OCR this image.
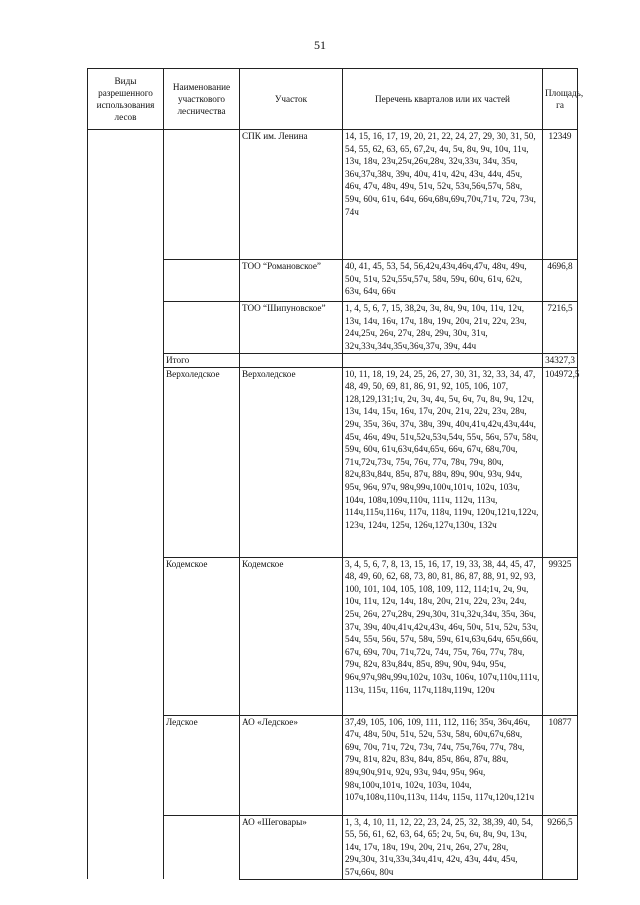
51
Виды разрешенного использования лесов	Наименование участкового лесничества	Участок	Перечень кварталов или их частей	Площадь, га
		СПК им. Ленина	14, 15, 16, 17, 19, 20, 21, 22, 24, 27, 29, 30, 31, 50, 54, 55, 62, 63, 65, 67,2ч, 4ч, 5ч, 8ч, 9ч, 10ч, 11ч, 13ч, 18ч, 23ч,25ч,26ч,28ч, 32ч,33ч, 34ч, 35ч, 36ч,37ч,38ч, 39ч, 40ч, 41ч, 42ч, 43ч, 44ч, 45ч, 46ч, 47ч, 48ч, 49ч, 51ч, 52ч, 53ч,56ч,57ч, 58ч, 59ч, 60ч, 61ч, 64ч, 66ч,68ч,69ч,70ч,71ч, 72ч, 73ч, 74ч	12349
		ТОО “Романовское”	40, 41, 45, 53, 54, 56,42ч,43ч,46ч,47ч, 48ч, 49ч, 50ч, 51ч, 52ч,55ч,57ч, 58ч, 59ч, 60ч, 61ч, 62ч, 63ч, 64ч, 66ч	4696,8
		ТОО “Шипуновское”	1, 4, 5, 6, 7, 15, 38,2ч, 3ч, 8ч, 9ч, 10ч, 11ч, 12ч, 13ч, 14ч, 16ч, 17ч, 18ч, 19ч, 20ч, 21ч, 22ч, 23ч, 24ч,25ч, 26ч, 27ч, 28ч, 29ч, 30ч, 31ч, 32ч,33ч,34ч,35ч,36ч,37ч, 39ч, 44ч	7216,5
	Итого			34327,3
	Верхоледское	Верхоледское	10, 11, 18, 19, 24, 25, 26, 27, 30, 31, 32, 33, 34, 47, 48, 49, 50, 69, 81, 86, 91, 92, 105, 106, 107, 128,129,131;1ч, 2ч, 3ч, 4ч, 5ч, 6ч, 7ч, 8ч, 9ч, 12ч, 13ч, 14ч, 15ч, 16ч, 17ч, 20ч, 21ч, 22ч, 23ч, 28ч, 29ч, 35ч, 36ч, 37ч, 38ч, 39ч, 40ч,41ч,42ч,43ч,44ч, 45ч, 46ч, 49ч, 51ч,52ч,53ч,54ч, 55ч, 56ч, 57ч, 58ч, 59ч, 60ч, 61ч,63ч,64ч,65ч, 66ч, 67ч, 68ч,70ч, 71ч,72ч,73ч, 75ч, 76ч, 77ч, 78ч, 79ч, 80ч, 82ч,83ч,84ч, 85ч, 87ч, 88ч, 89ч, 90ч, 93ч, 94ч, 95ч, 96ч, 97ч, 98ч,99ч,100ч,101ч, 102ч, 103ч, 104ч, 108ч,109ч,110ч, 111ч, 112ч, 113ч, 114ч,115ч,116ч, 117ч, 118ч, 119ч, 120ч,121ч,122ч, 123ч, 124ч, 125ч, 126ч,127ч,130ч, 132ч	104972,5
	Кодемское	Кодемское	3, 4, 5, 6, 7, 8, 13, 15, 16, 17, 19, 33, 38, 44, 45, 47, 48, 49, 60, 62, 68, 73, 80, 81, 86, 87, 88, 91, 92, 93, 100, 101, 104, 105, 108, 109, 112, 114;1ч, 2ч, 9ч, 10ч, 11ч, 12ч, 14ч, 18ч, 20ч, 21ч, 22ч, 23ч, 24ч, 25ч, 26ч, 27ч,28ч, 29ч,30ч, 31ч,32ч,34ч, 35ч, 36ч, 37ч, 39ч, 40ч,41ч,42ч,43ч, 46ч, 50ч, 51ч, 52ч, 53ч, 54ч, 55ч, 56ч, 57ч, 58ч, 59ч, 61ч,63ч,64ч, 65ч,66ч, 67ч, 69ч, 70ч, 71ч,72ч, 74ч, 75ч, 76ч, 77ч, 78ч, 79ч, 82ч, 83ч,84ч, 85ч, 89ч, 90ч, 94ч, 95ч, 96ч,97ч,98ч,99ч,102ч, 103ч, 106ч, 107ч,110ч,111ч, 113ч, 115ч, 116ч, 117ч,118ч,119ч, 120ч	99325
	Ледское	АО «Ледское»	37,49, 105, 106, 109, 111, 112, 116; 35ч, 36ч,46ч, 47ч, 48ч, 50ч, 51ч, 52ч, 53ч, 58ч, 60ч,67ч,68ч, 69ч, 70ч, 71ч, 72ч, 73ч, 74ч, 75ч,76ч, 77ч, 78ч, 79ч, 81ч, 82ч, 83ч, 84ч, 85ч, 86ч, 87ч, 88ч, 89ч,90ч,91ч, 92ч, 93ч, 94ч, 95ч, 96ч, 98ч,100ч,101ч, 102ч, 103ч, 104ч, 107ч,108ч,110ч,113ч, 114ч, 115ч, 117ч,120ч,121ч	10877
		АО «Шеговары»	1, 3, 4, 10, 11, 12, 22, 23, 24, 25, 32, 38,39, 40, 54, 55, 56, 61, 62, 63, 64, 65; 2ч, 5ч, 6ч, 8ч, 9ч, 13ч, 14ч, 17ч, 18ч, 19ч, 20ч, 21ч, 26ч, 27ч, 28ч, 29ч,30ч, 31ч,33ч,34ч,41ч, 42ч, 43ч, 44ч, 45ч, 57ч,66ч, 80ч	9266,5
